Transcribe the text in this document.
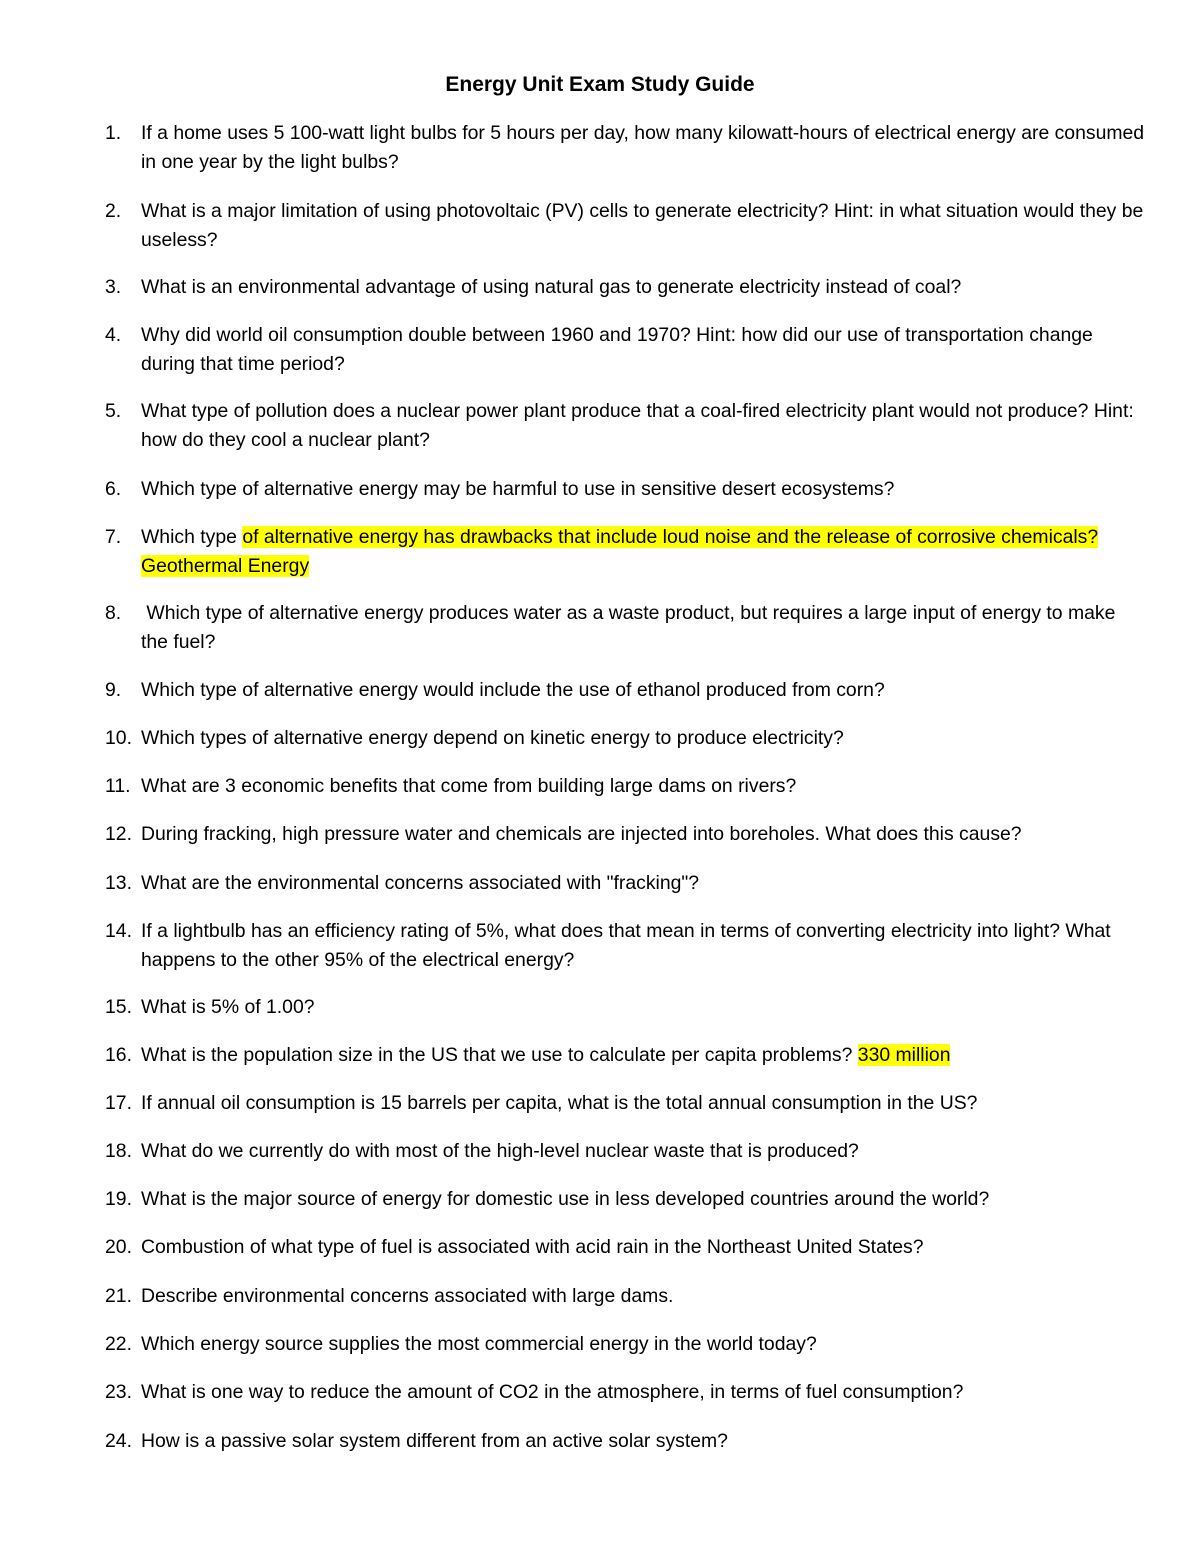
Energy Unit Exam Study Guide
1. If a home uses 5 100-watt light bulbs for 5 hours per day, how many kilowatt-hours of electrical energy are consumed in one year by the light bulbs?
2. What is a major limitation of using photovoltaic (PV) cells to generate electricity? Hint: in what situation would they be useless?
3. What is an environmental advantage of using natural gas to generate electricity instead of coal?
4. Why did world oil consumption double between 1960 and 1970? Hint: how did our use of transportation change during that time period?
5. What type of pollution does a nuclear power plant produce that a coal-fired electricity plant would not produce? Hint: how do they cool a nuclear plant?
6. Which type of alternative energy may be harmful to use in sensitive desert ecosystems?
7. Which type of alternative energy has drawbacks that include loud noise and the release of corrosive chemicals? Geothermal Energy
8. Which type of alternative energy produces water as a waste product, but requires a large input of energy to make the fuel?
9. Which type of alternative energy would include the use of ethanol produced from corn?
10. Which types of alternative energy depend on kinetic energy to produce electricity?
11. What are 3 economic benefits that come from building large dams on rivers?
12. During fracking, high pressure water and chemicals are injected into boreholes. What does this cause?
13. What are the environmental concerns associated with "fracking"?
14. If a lightbulb has an efficiency rating of 5%, what does that mean in terms of converting electricity into light? What happens to the other 95% of the electrical energy?
15. What is 5% of 1.00?
16. What is the population size in the US that we use to calculate per capita problems? 330 million
17. If annual oil consumption is 15 barrels per capita, what is the total annual consumption in the US?
18. What do we currently do with most of the high-level nuclear waste that is produced?
19. What is the major source of energy for domestic use in less developed countries around the world?
20. Combustion of what type of fuel is associated with acid rain in the Northeast United States?
21. Describe environmental concerns associated with large dams.
22. Which energy source supplies the most commercial energy in the world today?
23. What is one way to reduce the amount of CO2 in the atmosphere, in terms of fuel consumption?
24. How is a passive solar system different from an active solar system?
